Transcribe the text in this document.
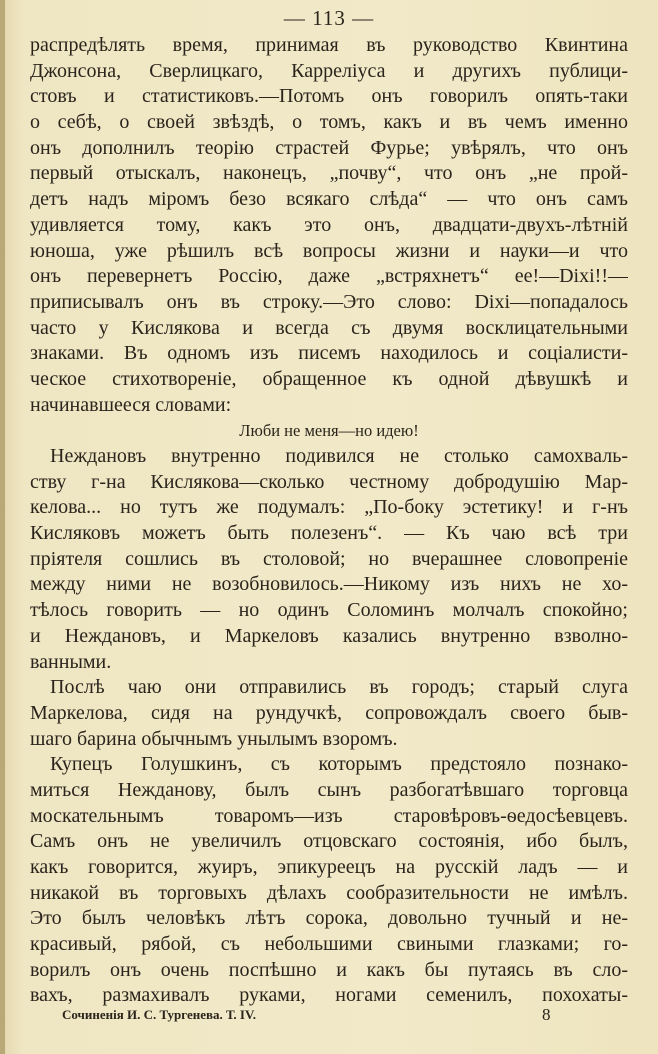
— 113 —
распредѣлять время, принимая въ руководство Квинтина
Джонсона, Сверлицкаго, Карреліуса и другихъ публици-
стовъ и статистиковъ.—Потомъ онъ говорилъ опять-таки
о себѣ, о своей звѣздѣ, о томъ, какъ и въ чемъ именно
онъ дополнилъ теорію страстей Фурье; увѣрялъ, что онъ
первый отыскалъ, наконецъ, „почву“, что онъ „не прой-
детъ надъ міромъ безо всякаго слѣда“ — что онъ самъ
удивляется тому, какъ это онъ, двадцати-двухъ-лѣтній
юноша, уже рѣшилъ всѣ вопросы жизни и науки—и что
онъ перевернетъ Россію, даже „встряхнетъ“ ее!—Dixi!!—
приписывалъ онъ въ строку.—Это слово: Dixi—попадалось
часто у Кислякова и всегда съ двумя восклицательными
знаками. Въ одномъ изъ писемъ находилось и соціалисти-
ческое стихотвореніе, обращенное къ одной дѣвушкѣ и
начинавшееся словами:
Люби не меня—но идею!
Неждановъ внутренно подивился не столько самохваль-
ству г-на Кислякова—сколько честному добродушію Мар-
келова... но тутъ же подумалъ: „По-боку эстетику! и г-нъ
Кисляковъ можетъ быть полезенъ“. — Къ чаю всѣ три
пріятеля сошлись въ столовой; но вчерашнее словопреніе
между ними не возобновилось.—Никому изъ нихъ не хо-
тѣлось говорить — но одинъ Соломинъ молчалъ спокойно;
и Неждановъ, и Маркеловъ казались внутренно взволно-
ванными.
Послѣ чаю они отправились въ городъ; старый слуга
Маркелова, сидя на рундучкѣ, сопровождалъ своего быв-
шаго барина обычнымъ унылымъ взоромъ.
Купецъ Голушкинъ, съ которымъ предстояло познако-
миться Нежданову, былъ сынъ разбогатѣвшаго торговца
москательнымъ товаромъ—изъ старовѣровъ-ѳедосѣевцевъ.
Самъ онъ не увеличилъ отцовскаго состоянія, ибо былъ,
какъ говорится, жуиръ, эпикуреецъ на русскій ладъ — и
никакой въ торговыхъ дѣлахъ сообразительности не имѣлъ.
Это былъ человѣкъ лѣтъ сорока, довольно тучный и не-
красивый, рябой, съ небольшими свиными глазками; го-
ворилъ онъ очень поспѣшно и какъ бы путаясь въ сло-
вахъ, размахивалъ руками, ногами семенилъ, похохаты-
Сочиненія И. С. Тургенева. Т. IV.	8
